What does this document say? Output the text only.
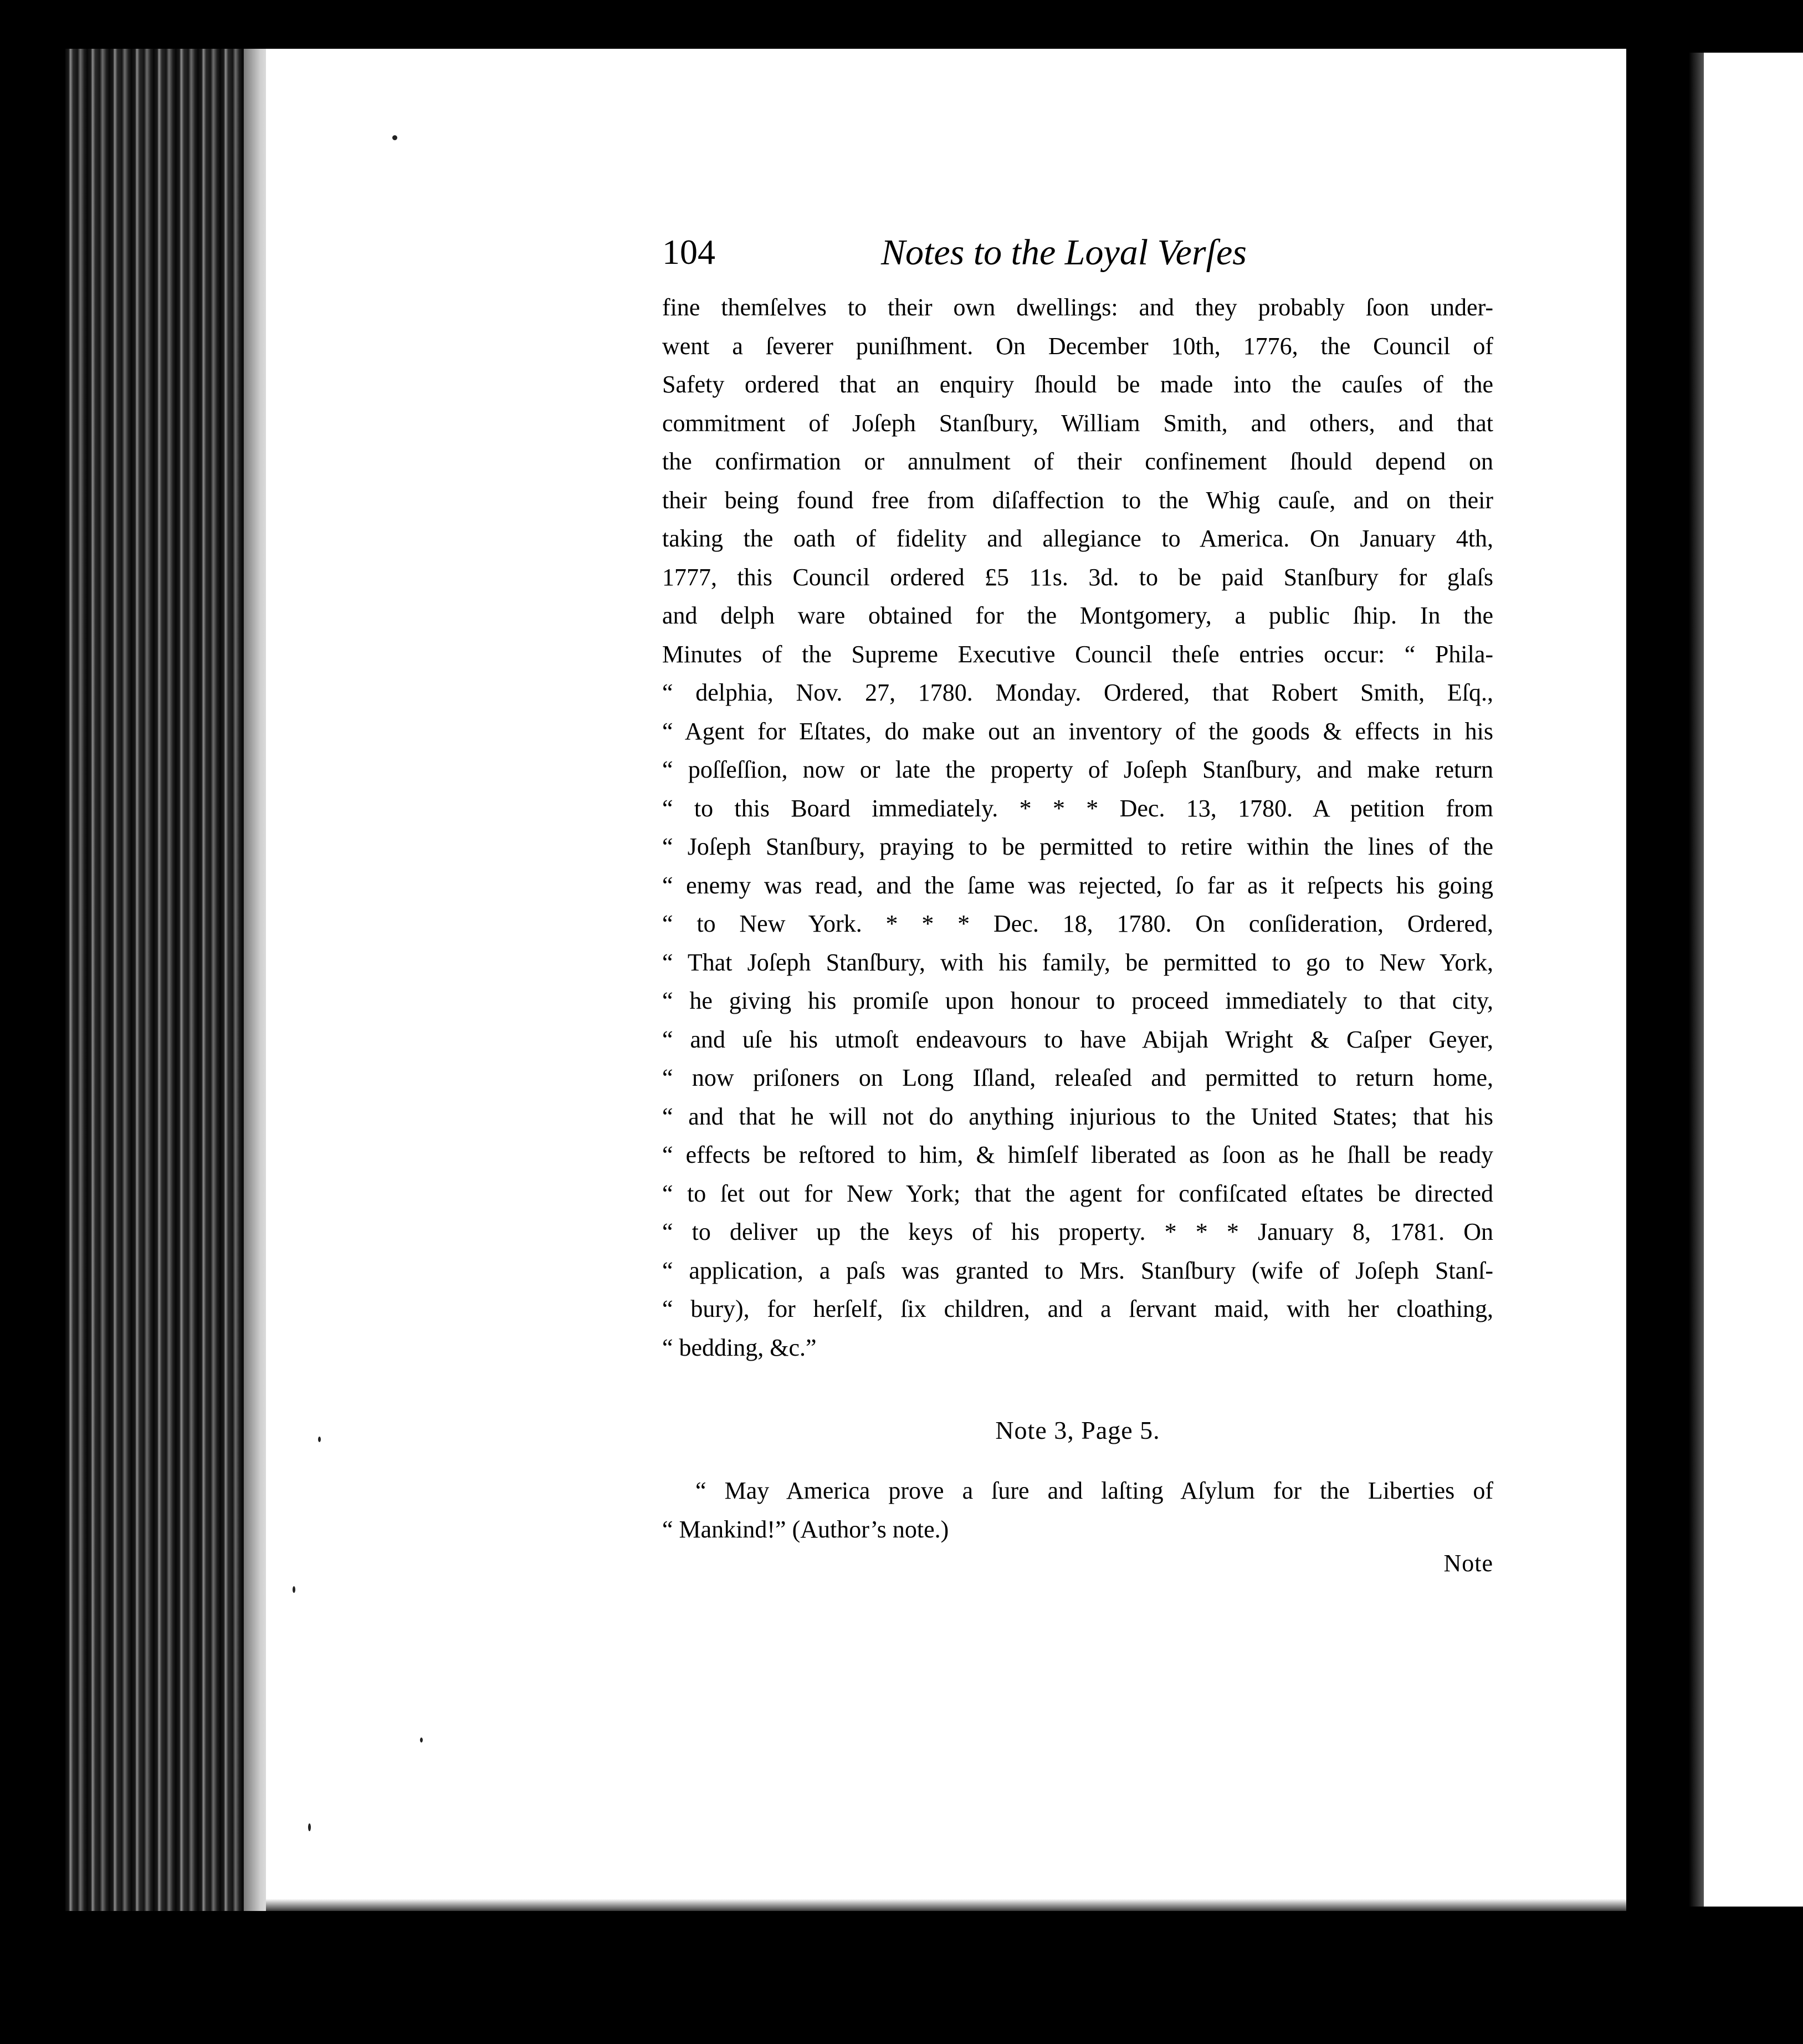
104	Notes to the Loyal Verſes
fine themſelves to their own dwellings: and they probably ſoon under-
went a ſeverer puniſhment. On December 10th, 1776, the Council of
Safety ordered that an enquiry ſhould be made into the cauſes of the
commitment of Joſeph Stanſbury, William Smith, and others, and that
the confirmation or annulment of their confinement ſhould depend on
their being found free from diſaffection to the Whig cauſe, and on their
taking the oath of fidelity and allegiance to America. On January 4th,
1777, this Council ordered £5 11s. 3d. to be paid Stanſbury for glaſs
and delph ware obtained for the Montgomery, a public ſhip. In the
Minutes of the Supreme Executive Council theſe entries occur: “ Phila-
“ delphia, Nov. 27, 1780. Monday. Ordered, that Robert Smith, Eſq.,
“ Agent for Eſtates, do make out an inventory of the goods & effects in his
“ poſſeſſion, now or late the property of Joſeph Stanſbury, and make return
“ to this Board immediately. * * * Dec. 13, 1780. A petition from
“ Joſeph Stanſbury, praying to be permitted to retire within the lines of the
“ enemy was read, and the ſame was rejected, ſo far as it reſpects his going
“ to New York. * * * Dec. 18, 1780. On conſideration, Ordered,
“ That Joſeph Stanſbury, with his family, be permitted to go to New York,
“ he giving his promiſe upon honour to proceed immediately to that city,
“ and uſe his utmoſt endeavours to have Abijah Wright & Caſper Geyer,
“ now priſoners on Long Iſland, releaſed and permitted to return home,
“ and that he will not do anything injurious to the United States; that his
“ effects be reſtored to him, & himſelf liberated as ſoon as he ſhall be ready
“ to ſet out for New York; that the agent for confiſcated eſtates be directed
“ to deliver up the keys of his property. * * * January 8, 1781. On
“ application, a paſs was granted to Mrs. Stanſbury (wife of Joſeph Stanſ-
“ bury), for herſelf, ſix children, and a ſervant maid, with her cloathing,
“ bedding, &c.”
Note 3, Page 5.
“ May America prove a ſure and laſting Aſylum for the Liberties of
“ Mankind!” (Author’s note.)
Note
